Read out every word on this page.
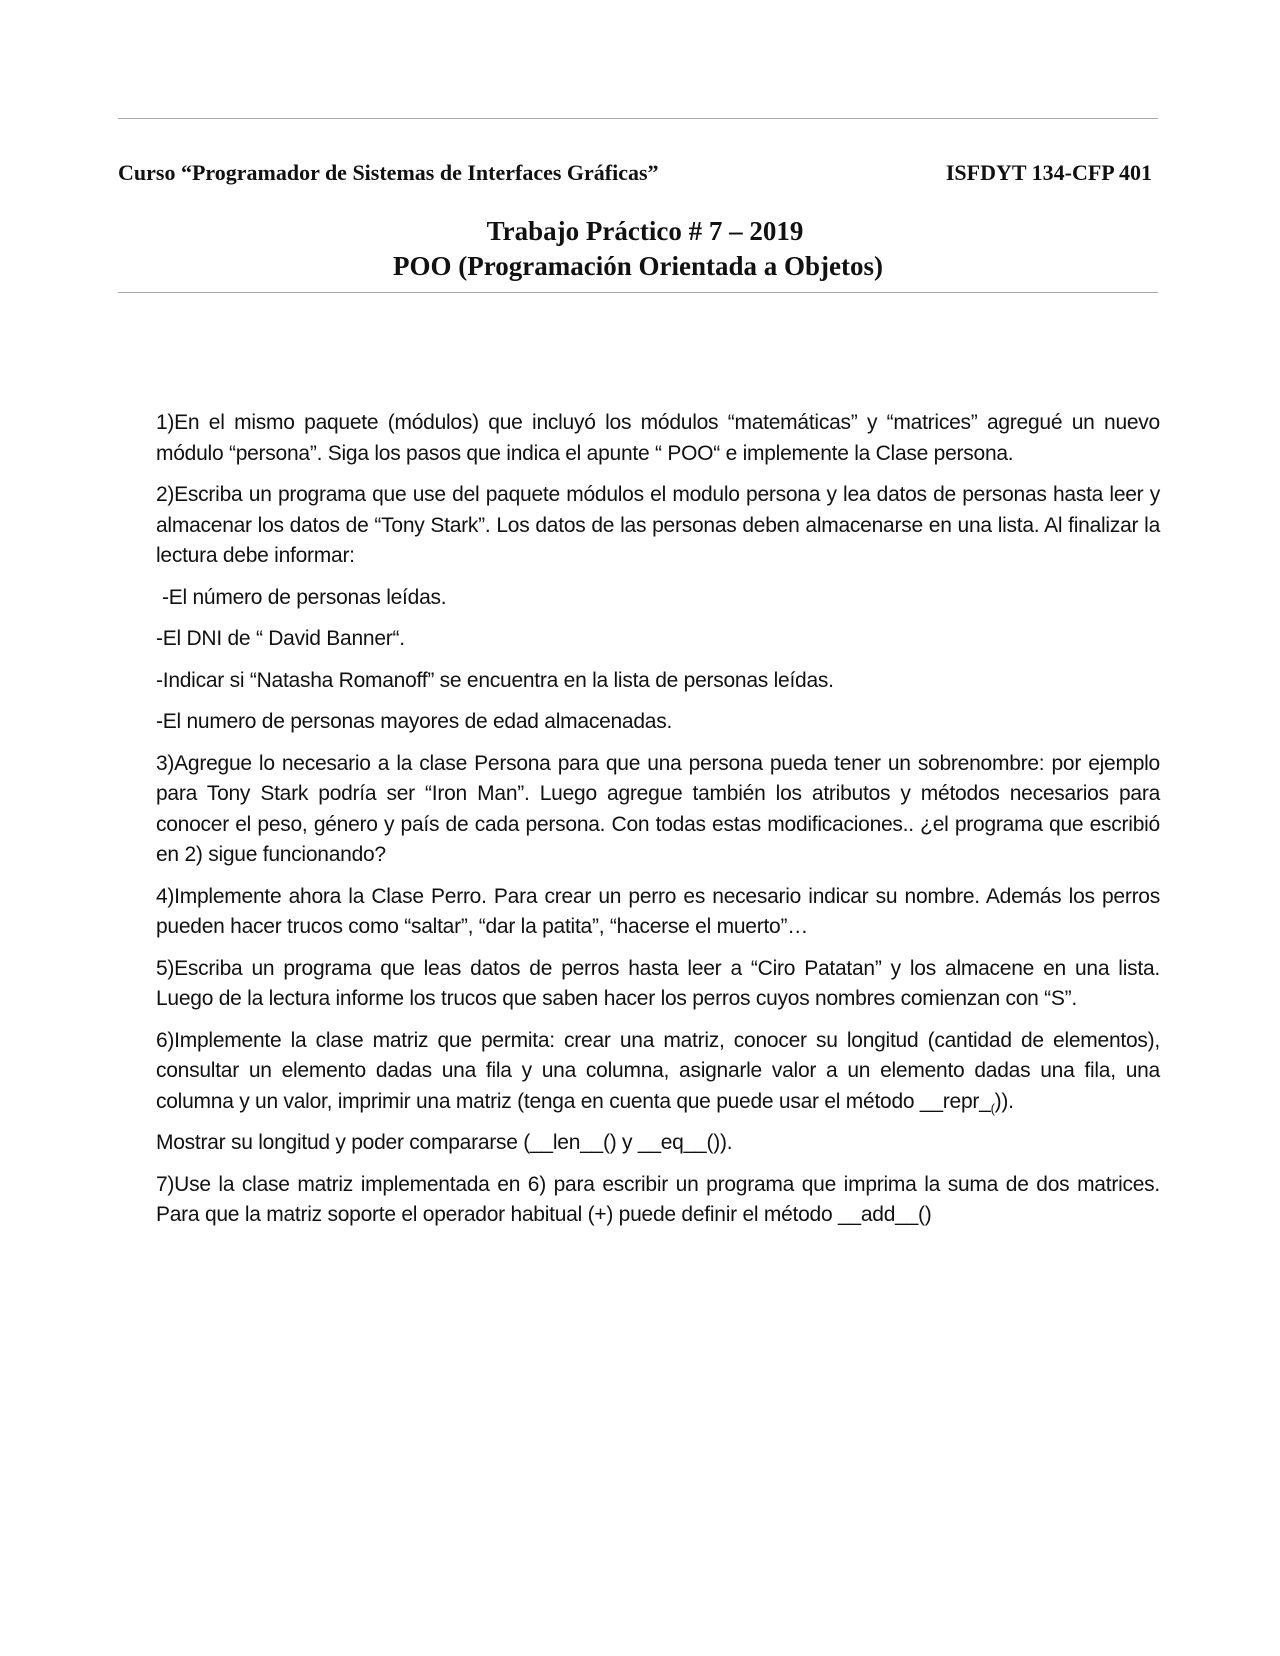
Curso “Programador de Sistemas de Interfaces Gráficas”	ISFDYT 134-CFP 401
Trabajo Práctico # 7 – 2019
POO (Programación Orientada a Objetos)

1)En el mismo paquete (módulos) que incluyó los módulos “matemáticas” y “matrices” agregué un nuevo módulo “persona”. Siga los pasos que indica el apunte “ POO“ e implemente la Clase persona.

2)Escriba un programa que use del paquete módulos el modulo persona y lea datos de personas hasta leer y almacenar los datos de “Tony Stark”. Los datos de las personas deben almacenarse en una lista. Al finalizar la lectura debe informar:

-El número de personas leídas.

-El DNI de “ David Banner“.

-Indicar si “Natasha Romanoff” se encuentra en la lista de personas leídas.

-El numero de personas mayores de edad almacenadas.

3)Agregue lo necesario a la clase Persona para que una persona pueda tener un sobrenombre: por ejemplo para Tony Stark podría ser “Iron Man”. Luego agregue también los atributos y métodos necesarios para conocer el peso, género y país de cada persona. Con todas estas modificaciones.. ¿el programa que escribió en 2) sigue funcionando?

4)Implemente ahora la Clase Perro. Para crear un perro es necesario indicar su nombre. Además los perros pueden hacer trucos como “saltar”, “dar la patita”, “hacerse el muerto”…

5)Escriba un programa que leas datos de perros hasta leer a “Ciro Patatan” y los almacene en una lista. Luego de la lectura informe los trucos que saben hacer los perros cuyos nombres comienzan con “S”.

6)Implemente la clase matriz que permita: crear una matriz, conocer su longitud (cantidad de elementos), consultar un elemento dadas una fila y una columna, asignarle valor a un elemento dadas una fila, una columna y un valor, imprimir una matriz (tenga en cuenta que puede usar el método $\_\_repr\__($)).

Mostrar su longitud y poder compararse (__len__() y __eq__()).

7)Use la clase matriz implementada en 6) para escribir un programa que imprima la suma de dos matrices. Para que la matriz soporte el operador habitual (+) puede definir el método __add__()
